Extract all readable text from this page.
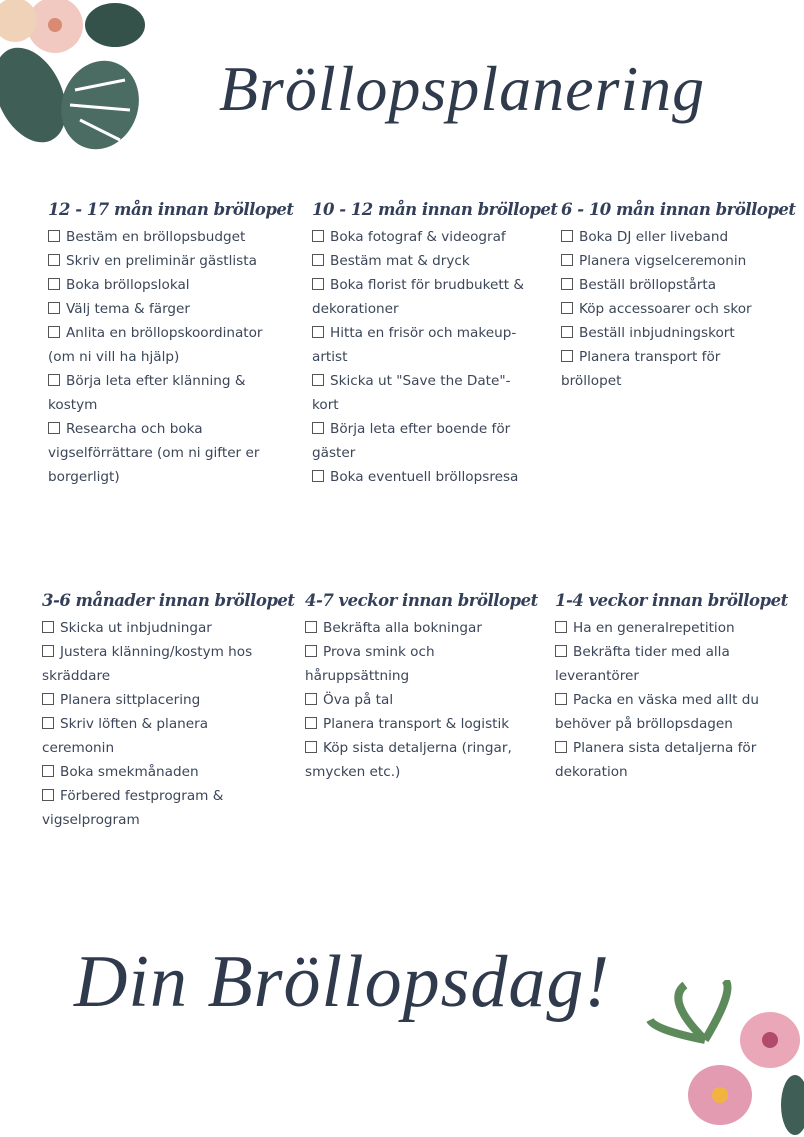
Bröllopsplanering
12 - 17 mån innan bröllopet
Bestäm en bröllopsbudget
Skriv en preliminär gästlista
Boka bröllopslokal
Välj tema & färger
Anlita en bröllopskoordinator (om ni vill ha hjälp)
Börja leta efter klänning & kostym
Researcha och boka vigselförrättare (om ni gifter er borgerligt)
10 - 12 mån innan bröllopet
Boka fotograf & videograf
Bestäm mat & dryck
Boka florist för brudbukett & dekorationer
Hitta en frisör och makeup-artist
Skicka ut "Save the Date"-kort
Börja leta efter boende för gäster
Boka eventuell bröllopsresa
6 - 10 mån innan bröllopet
Boka DJ eller liveband
Planera vigselceremonin
Beställ bröllopstårta
Köp accessoarer och skor
Beställ inbjudningskort
Planera transport för bröllopet
3-6 månader innan bröllopet
Skicka ut inbjudningar
Justera klänning/kostym hos skräddare
Planera sittplacering
Skriv löften & planera ceremonin
Boka smekmånaden
Förbered festprogram & vigselprogram
4-7 veckor innan bröllopet
Bekräfta alla bokningar
Prova smink och håruppsättning
Öva på tal
Planera transport & logistik
Köp sista detaljerna (ringar, smycken etc.)
1-4 veckor innan bröllopet
Ha en generalrepetition
Bekräfta tider med alla leverantörer
Packa en väska med allt du behöver på bröllopsdagen
Planera sista detaljerna för dekoration
Din Bröllopsdag!
